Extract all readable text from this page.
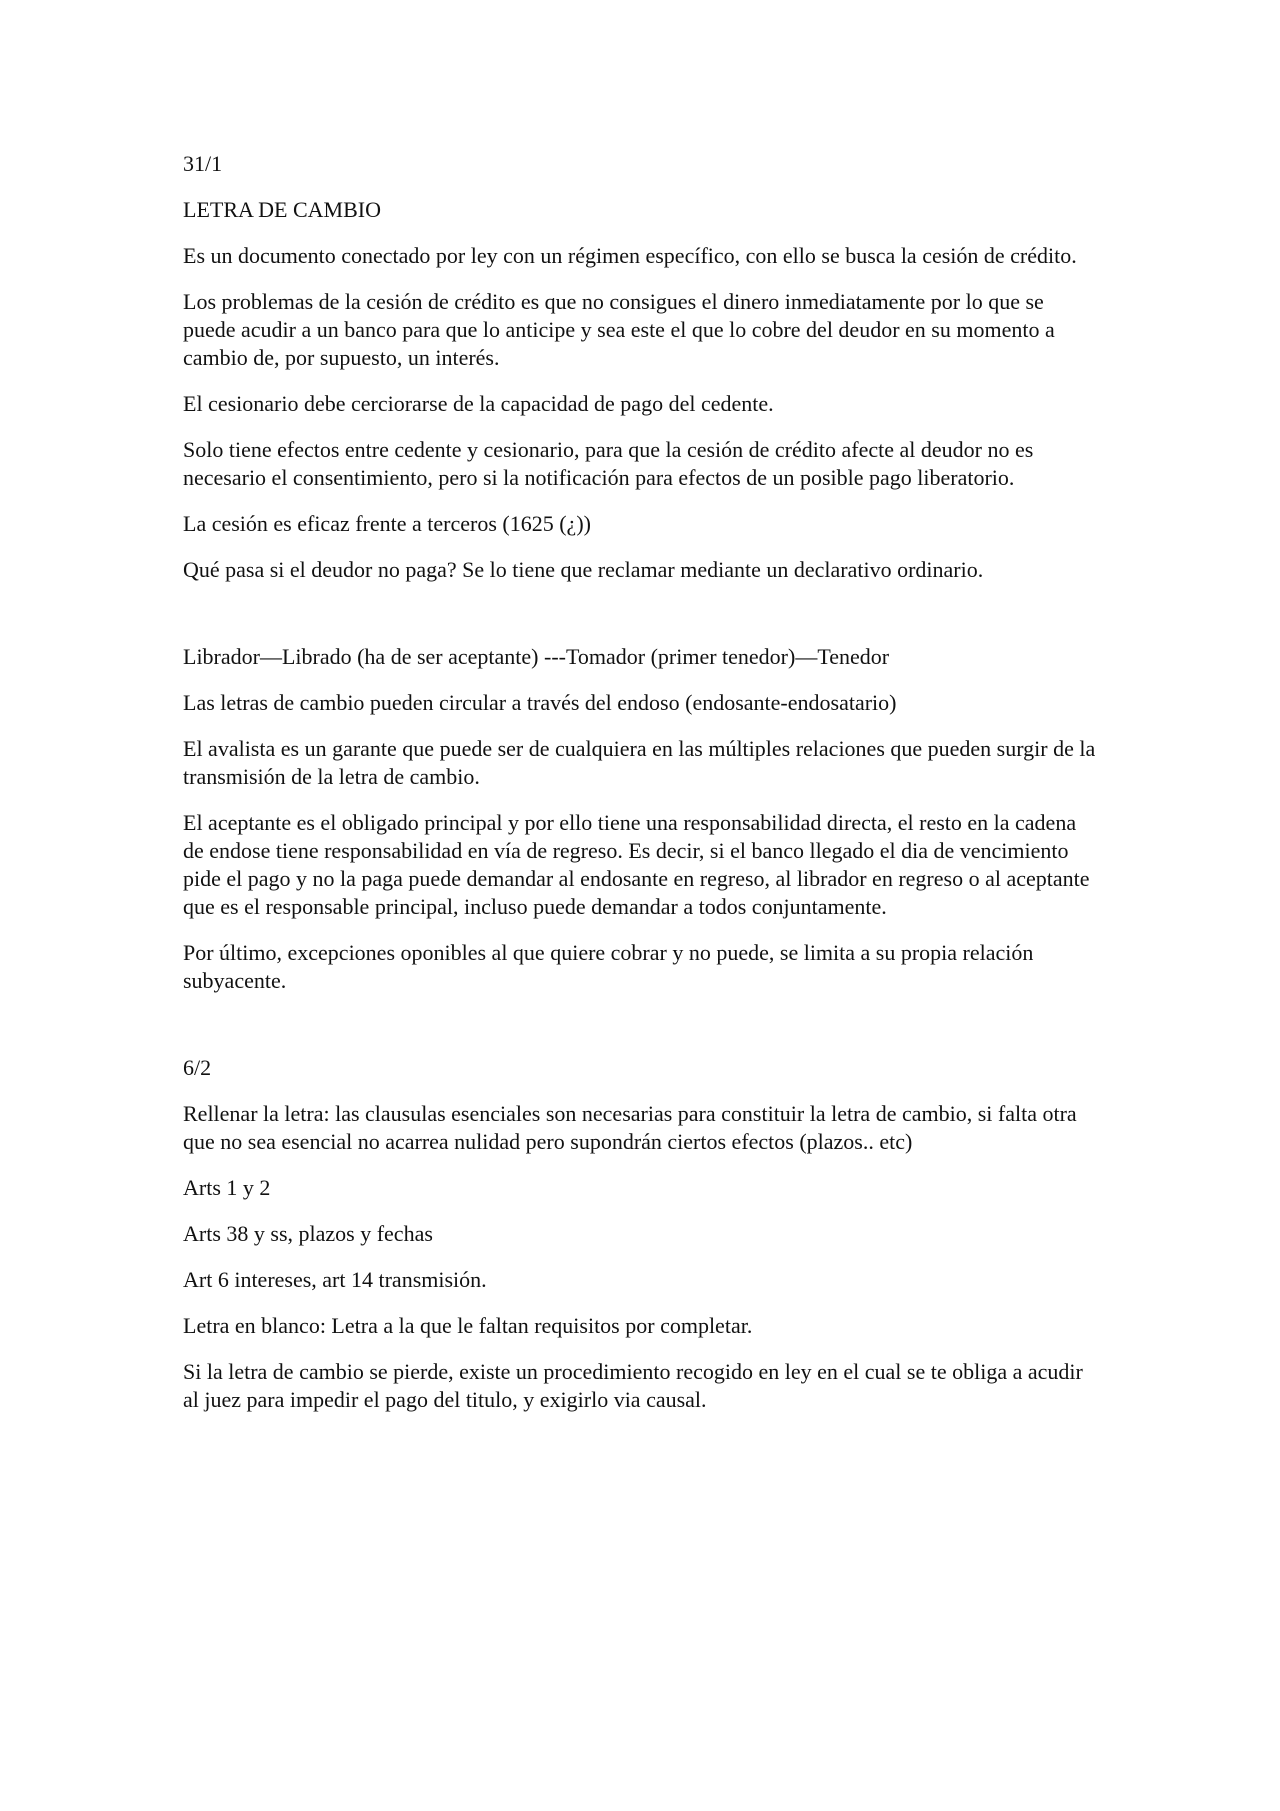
31/1

LETRA DE CAMBIO

Es un documento conectado por ley con un régimen específico, con ello se busca la cesión de crédito.

Los problemas de la cesión de crédito es que no consigues el dinero inmediatamente por lo que se puede acudir a un banco para que lo anticipe y sea este el que lo cobre del deudor en su momento a cambio de, por supuesto, un interés.

El cesionario debe cerciorarse de la capacidad de pago del cedente.

Solo tiene efectos entre cedente y cesionario, para que la cesión de crédito afecte al deudor no es necesario el consentimiento, pero si la notificación para efectos de un posible pago liberatorio.

La cesión es eficaz frente a terceros (1625 (¿))

Qué pasa si el deudor no paga? Se lo tiene que reclamar mediante un declarativo ordinario.

Librador—Librado (ha de ser aceptante) ---Tomador (primer tenedor)—Tenedor

Las letras de cambio pueden circular a través del endoso (endosante-endosatario)

El avalista es un garante que puede ser de cualquiera en las múltiples relaciones que pueden surgir de la transmisión de la letra de cambio.

El aceptante es el obligado principal y por ello tiene una responsabilidad directa, el resto en la cadena de endose tiene responsabilidad en vía de regreso. Es decir, si el banco llegado el dia de vencimiento pide el pago y no la paga puede demandar al endosante en regreso, al librador en regreso o al aceptante que es el responsable principal, incluso puede demandar a todos conjuntamente.

Por último, excepciones oponibles al que quiere cobrar y no puede, se limita a su propia relación subyacente.

6/2

Rellenar la letra: las clausulas esenciales son necesarias para constituir la letra de cambio, si falta otra que no sea esencial no acarrea nulidad pero supondrán ciertos efectos (plazos.. etc)

Arts 1 y 2

Arts 38 y ss, plazos y fechas

Art 6 intereses, art 14 transmisión.

Letra en blanco: Letra a la que le faltan requisitos por completar.

Si la letra de cambio se pierde, existe un procedimiento recogido en ley en el cual se te obliga a acudir al juez para impedir el pago del titulo, y exigirlo via causal.
